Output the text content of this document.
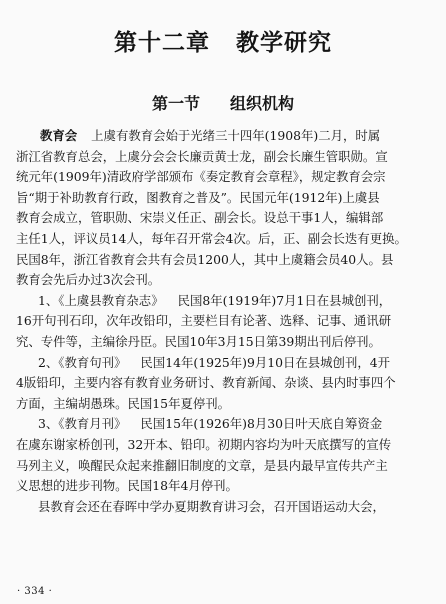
第十二章 教学研究
第一节 组织机构
教育会 上虞有教育会始于光绪三十四年(1908年)二月，时属
浙江省教育总会，上虞分会会长廉贡黄士龙，副会长廉生管职勋。宣
统元年(1909年)清政府学部颁布《奏定教育会章程》，规定教育会宗
旨“期于补助教育行政，图教育之普及”。民国元年(1912年)上虞县
教育会成立，管职勋、宋崇义任正、副会长。设总干事1人，编辑部
主任1人，评议员14人，每年召开常会4次。后，正、副会长迭有更换。
民国8年，浙江省教育会共有会员1200人，其中上虞籍会员40人。县
教育会先后办过3次会刊。
1、《上虞县教育杂志》 民国8年(1919年)7月1日在县城创刊，
16开句刊石印，次年改铅印，主要栏目有论著、选释、记事、通讯研
究、专件等，主编徐丹臣。民国10年3月15日第39期出刊后停刊。
2、《教育句刊》 民国14年(1925年)9月10日在县城创刊，4开
4版铅印，主要内容有教育业务研讨、教育新闻、杂谈、县内时事四个
方面，主编胡愚珠。民国15年夏停刊。
3、《教育月刊》 民国15年(1926年)8月30日叶天底自筹资金
在虞东谢家桥创刊，32开本、铅印。初期内容均为叶天底撰写的宣传
马列主义，唤醒民众起来推翻旧制度的文章，是县内最早宣传共产主
义思想的进步刊物。民国18年4月停刊。
县教育会还在春晖中学办夏期教育讲习会，召开国语运动大会，
· 334 ·
